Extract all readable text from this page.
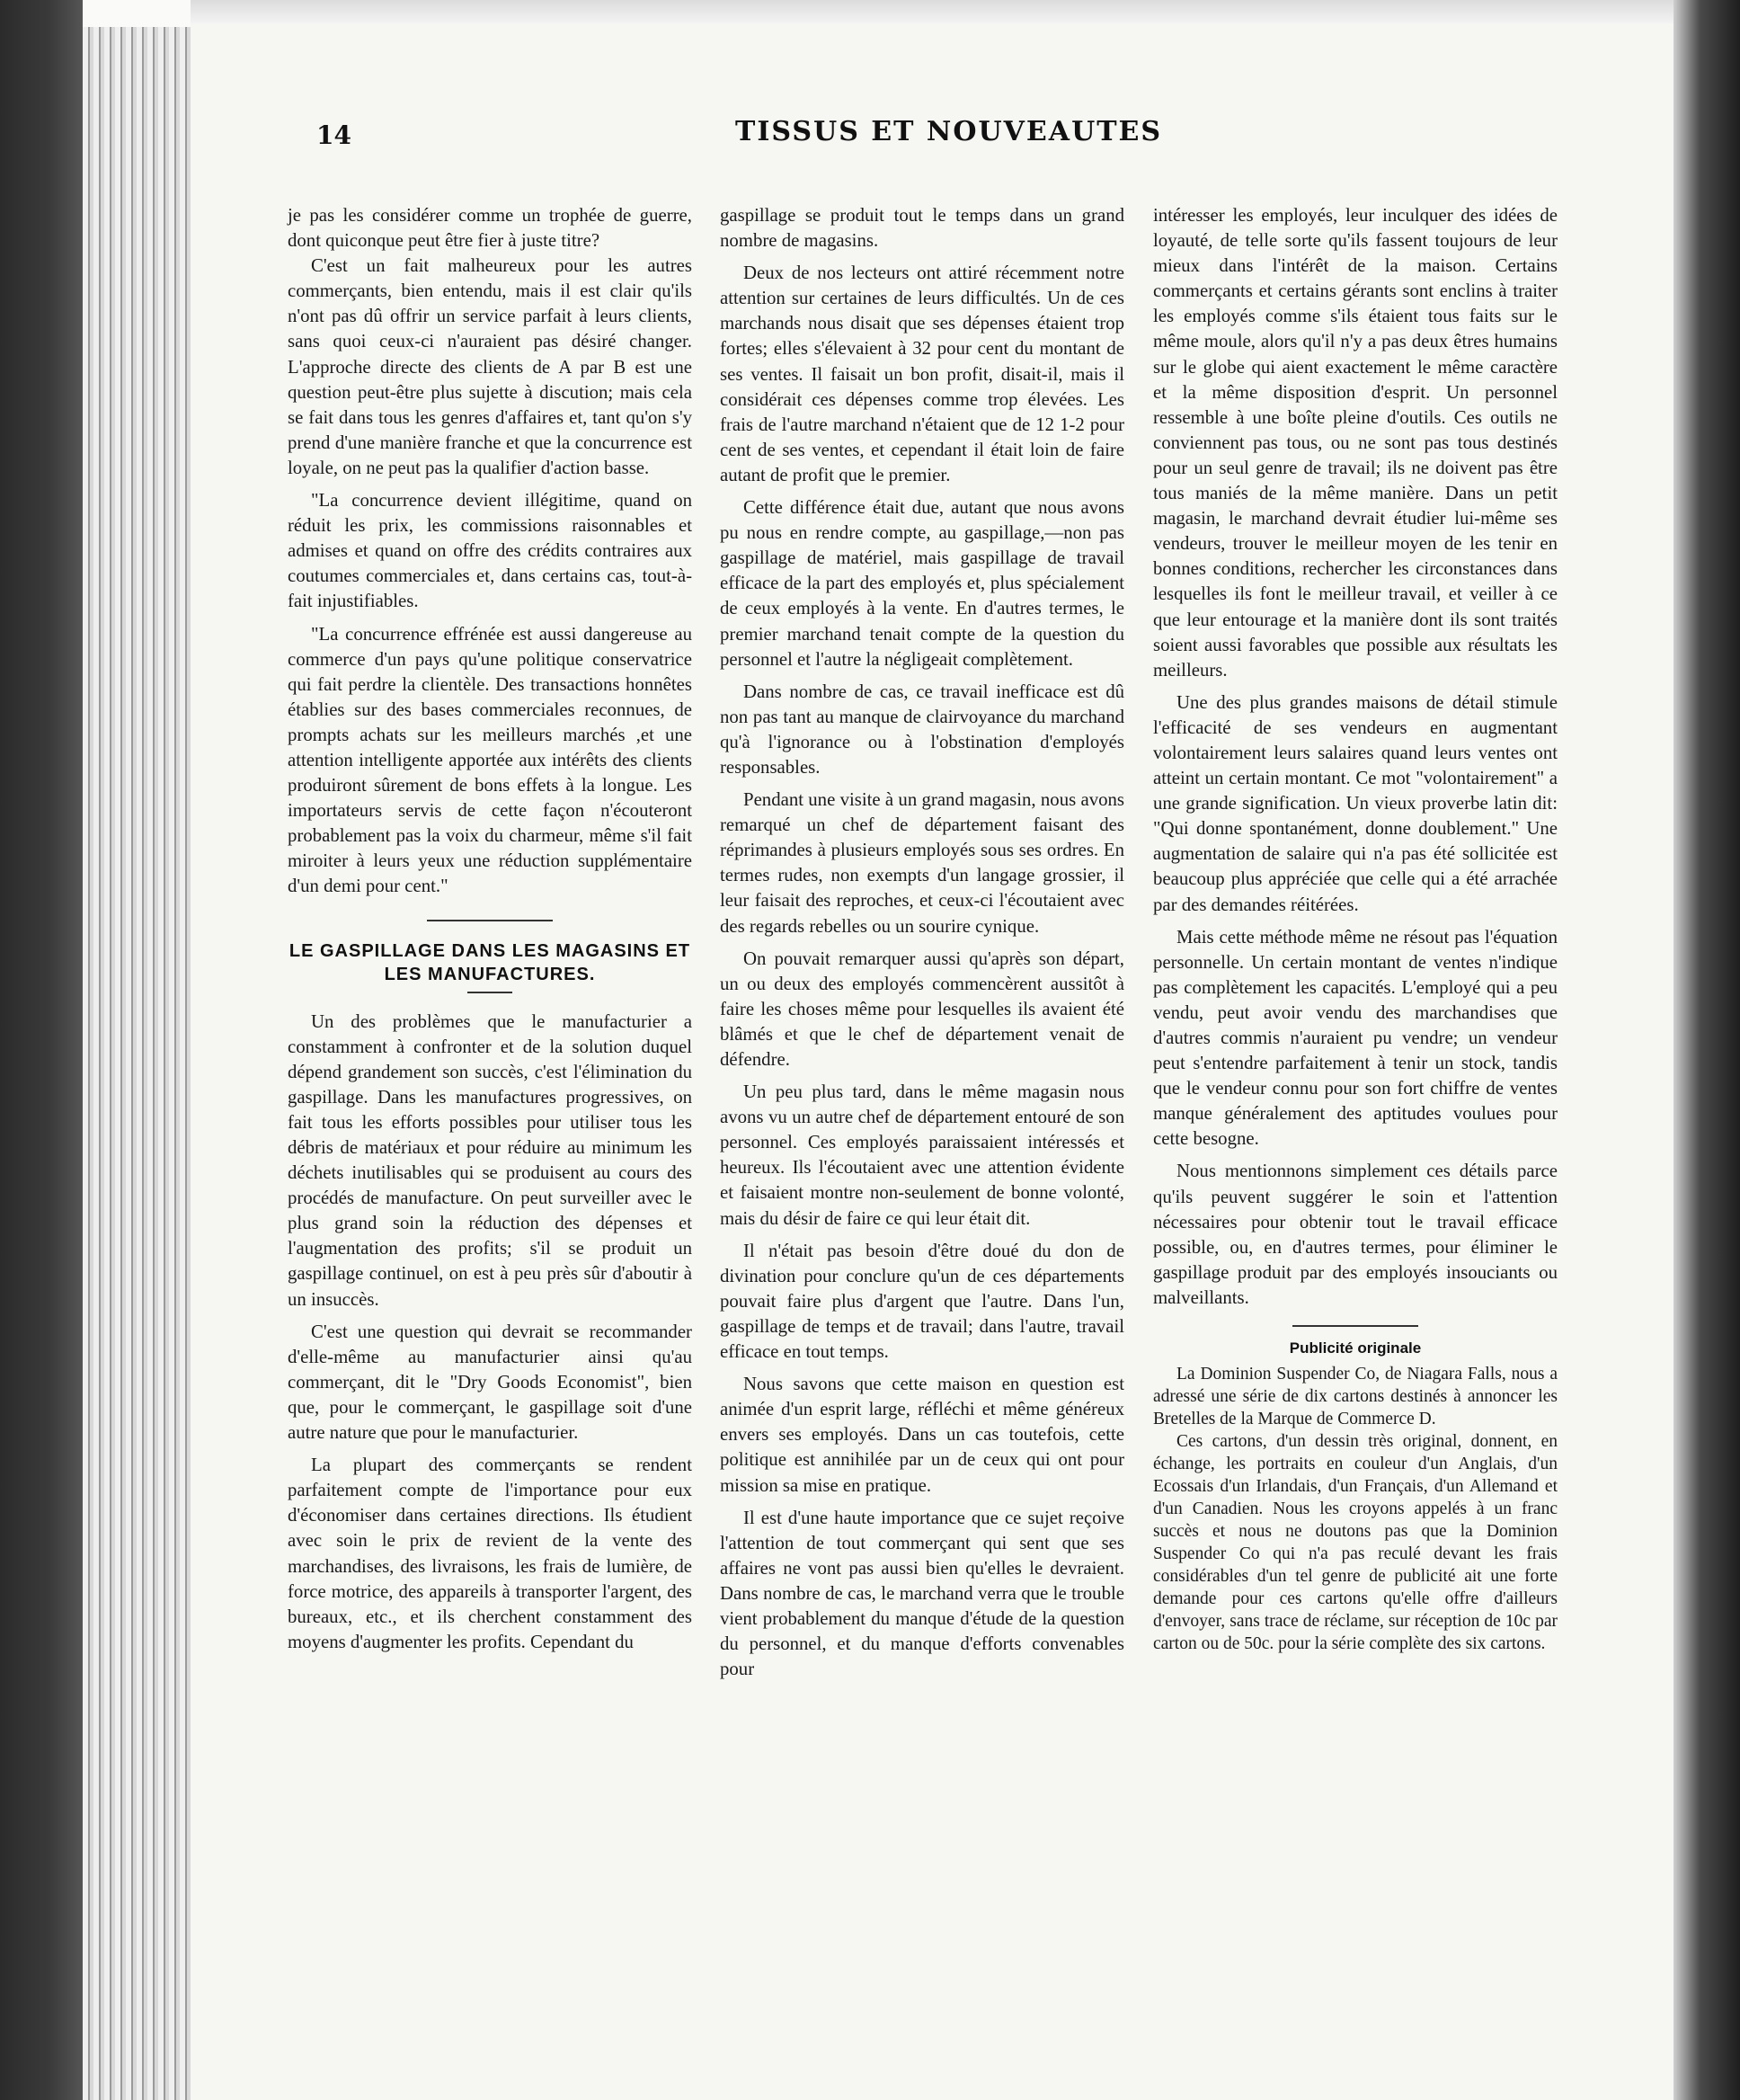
14	TISSUS ET NOUVEAUTES

je pas les considérer comme un trophée de guerre, dont quiconque peut être fier à juste titre?

C'est un fait malheureux pour les autres commerçants, bien entendu, mais il est clair qu'ils n'ont pas dû offrir un service parfait à leurs clients, sans quoi ceux-ci n'auraient pas désiré changer. L'approche directe des clients de A par B est une question peut-être plus sujette à discution; mais cela se fait dans tous les genres d'affaires et, tant qu'on s'y prend d'une manière franche et que la concurrence est loyale, on ne peut pas la qualifier d'action basse.

"La concurrence devient illégitime, quand on réduit les prix, les commissions raisonnables et admises et quand on offre des crédits contraires aux coutumes commerciales et, dans certains cas, tout-à-fait injustifiables.

"La concurrence effrénée est aussi dangereuse au commerce d'un pays qu'une politique conservatrice qui fait perdre la clientèle. Des transactions honnêtes établies sur des bases commerciales reconnues, de prompts achats sur les meilleurs marchés ,et une attention intelligente apportée aux intérêts des clients produiront sûrement de bons effets à la longue. Les importateurs servis de cette façon n'écouteront probablement pas la voix du charmeur, même s'il fait miroiter à leurs yeux une réduction supplémentaire d'un demi pour cent."

LE GASPILLAGE DANS LES MAGASINS ET LES MANUFACTURES.

Un des problèmes que le manufacturier a constamment à confronter et de la solution duquel dépend grandement son succès, c'est l'élimination du gaspillage. Dans les manufactures progressives, on fait tous les efforts possibles pour utiliser tous les débris de matériaux et pour réduire au minimum les déchets inutilisables qui se produisent au cours des procédés de manufacture. On peut surveiller avec le plus grand soin la réduction des dépenses et l'augmentation des profits; s'il se produit un gaspillage continuel, on est à peu près sûr d'aboutir à un insuccès.

C'est une question qui devrait se recommander d'elle-même au manufacturier ainsi qu'au commerçant, dit le "Dry Goods Economist", bien que, pour le commerçant, le gaspillage soit d'une autre nature que pour le manufacturier.

La plupart des commerçants se rendent parfaitement compte de l'importance pour eux d'économiser dans certaines directions. Ils étudient avec soin le prix de revient de la vente des marchandises, des livraisons, les frais de lumière, de force motrice, des appareils à transporter l'argent, des bureaux, etc., et ils cherchent constamment des moyens d'augmenter les profits. Cependant du

gaspillage se produit tout le temps dans un grand nombre de magasins.

Deux de nos lecteurs ont attiré récemment notre attention sur certaines de leurs difficultés. Un de ces marchands nous disait que ses dépenses étaient trop fortes; elles s'élevaient à 32 pour cent du montant de ses ventes. Il faisait un bon profit, disait-il, mais il considérait ces dépenses comme trop élevées. Les frais de l'autre marchand n'étaient que de 12 1-2 pour cent de ses ventes, et cependant il était loin de faire autant de profit que le premier.

Cette différence était due, autant que nous avons pu nous en rendre compte, au gaspillage,—non pas gaspillage de matériel, mais gaspillage de travail efficace de la part des employés et, plus spécialement de ceux employés à la vente. En d'autres termes, le premier marchand tenait compte de la question du personnel et l'autre la négligeait complètement.

Dans nombre de cas, ce travail inefficace est dû non pas tant au manque de clairvoyance du marchand qu'à l'ignorance ou à l'obstination d'employés responsables.

Pendant une visite à un grand magasin, nous avons remarqué un chef de département faisant des réprimandes à plusieurs employés sous ses ordres. En termes rudes, non exempts d'un langage grossier, il leur faisait des reproches, et ceux-ci l'écoutaient avec des regards rebelles ou un sourire cynique.

On pouvait remarquer aussi qu'après son départ, un ou deux des employés commencèrent aussitôt à faire les choses même pour lesquelles ils avaient été blâmés et que le chef de département venait de défendre.

Un peu plus tard, dans le même magasin nous avons vu un autre chef de département entouré de son personnel. Ces employés paraissaient intéressés et heureux. Ils l'écoutaient avec une attention évidente et faisaient montre non-seulement de bonne volonté, mais du désir de faire ce qui leur était dit.

Il n'était pas besoin d'être doué du don de divination pour conclure qu'un de ces départements pouvait faire plus d'argent que l'autre. Dans l'un, gaspillage de temps et de travail; dans l'autre, travail efficace en tout temps.

Nous savons que cette maison en question est animée d'un esprit large, réfléchi et même généreux envers ses employés. Dans un cas toutefois, cette politique est annihilée par un de ceux qui ont pour mission sa mise en pratique.

Il est d'une haute importance que ce sujet reçoive l'attention de tout commerçant qui sent que ses affaires ne vont pas aussi bien qu'elles le devraient. Dans nombre de cas, le marchand verra que le trouble vient probablement du manque d'étude de la question du personnel, et du manque d'efforts convenables pour

intéresser les employés, leur inculquer des idées de loyauté, de telle sorte qu'ils fassent toujours de leur mieux dans l'intérêt de la maison. Certains commerçants et certains gérants sont enclins à traiter les employés comme s'ils étaient tous faits sur le même moule, alors qu'il n'y a pas deux êtres humains sur le globe qui aient exactement le même caractère et la même disposition d'esprit. Un personnel ressemble à une boîte pleine d'outils. Ces outils ne conviennent pas tous, ou ne sont pas tous destinés pour un seul genre de travail; ils ne doivent pas être tous maniés de la même manière. Dans un petit magasin, le marchand devrait étudier lui-même ses vendeurs, trouver le meilleur moyen de les tenir en bonnes conditions, rechercher les circonstances dans lesquelles ils font le meilleur travail, et veiller à ce que leur entourage et la manière dont ils sont traités soient aussi favorables que possible aux résultats les meilleurs.

Une des plus grandes maisons de détail stimule l'efficacité de ses vendeurs en augmentant volontairement leurs salaires quand leurs ventes ont atteint un certain montant. Ce mot "volontairement" a une grande signification. Un vieux proverbe latin dit: "Qui donne spontanément, donne doublement." Une augmentation de salaire qui n'a pas été sollicitée est beaucoup plus appréciée que celle qui a été arrachée par des demandes réitérées.

Mais cette méthode même ne résout pas l'équation personnelle. Un certain montant de ventes n'indique pas complètement les capacités. L'employé qui a peu vendu, peut avoir vendu des marchandises que d'autres commis n'auraient pu vendre; un vendeur peut s'entendre parfaitement à tenir un stock, tandis que le vendeur connu pour son fort chiffre de ventes manque généralement des aptitudes voulues pour cette besogne.

Nous mentionnons simplement ces détails parce qu'ils peuvent suggérer le soin et l'attention nécessaires pour obtenir tout le travail efficace possible, ou, en d'autres termes, pour éliminer le gaspillage produit par des employés insouciants ou malveillants.

Publicité originale

La Dominion Suspender Co, de Niagara Falls, nous a adressé une série de dix cartons destinés à annoncer les Bretelles de la Marque de Commerce D.

Ces cartons, d'un dessin très original, donnent, en échange, les portraits en couleur d'un Anglais, d'un Ecossais d'un Irlandais, d'un Français, d'un Allemand et d'un Canadien. Nous les croyons appelés à un franc succès et nous ne doutons pas que la Dominion Suspender Co qui n'a pas reculé devant les frais considérables d'un tel genre de publicité ait une forte demande pour ces cartons qu'elle offre d'ailleurs d'envoyer, sans trace de réclame, sur réception de 10c par carton ou de 50c. pour la série complète des six cartons.
